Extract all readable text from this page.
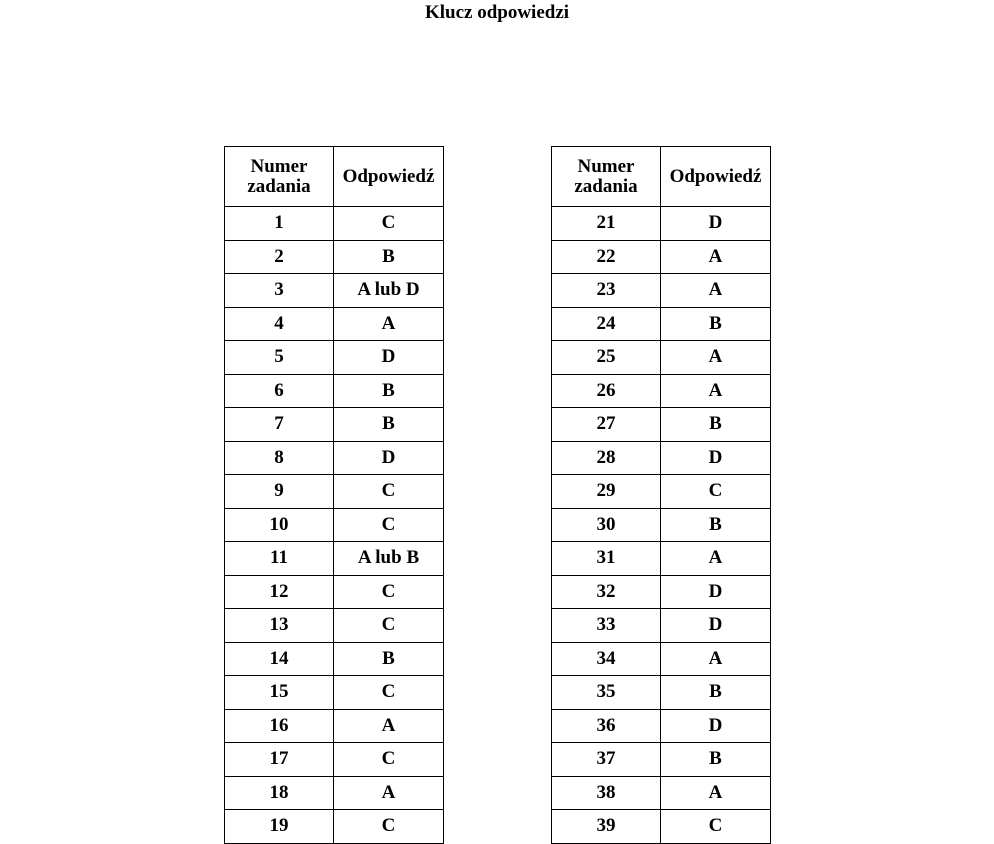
Klucz odpowiedzi
Numer
zadania	Odpowiedź
1	C
2	B
3	A lub D
4	A
5	D
6	B
7	B
8	D
9	C
10	C
11	A lub B
12	C
13	C
14	B
15	C
16	A
17	C
18	A
19	C
Numer
zadania	Odpowiedź
21	D
22	A
23	A
24	B
25	A
26	A
27	B
28	D
29	C
30	B
31	A
32	D
33	D
34	A
35	B
36	D
37	B
38	A
39	C
